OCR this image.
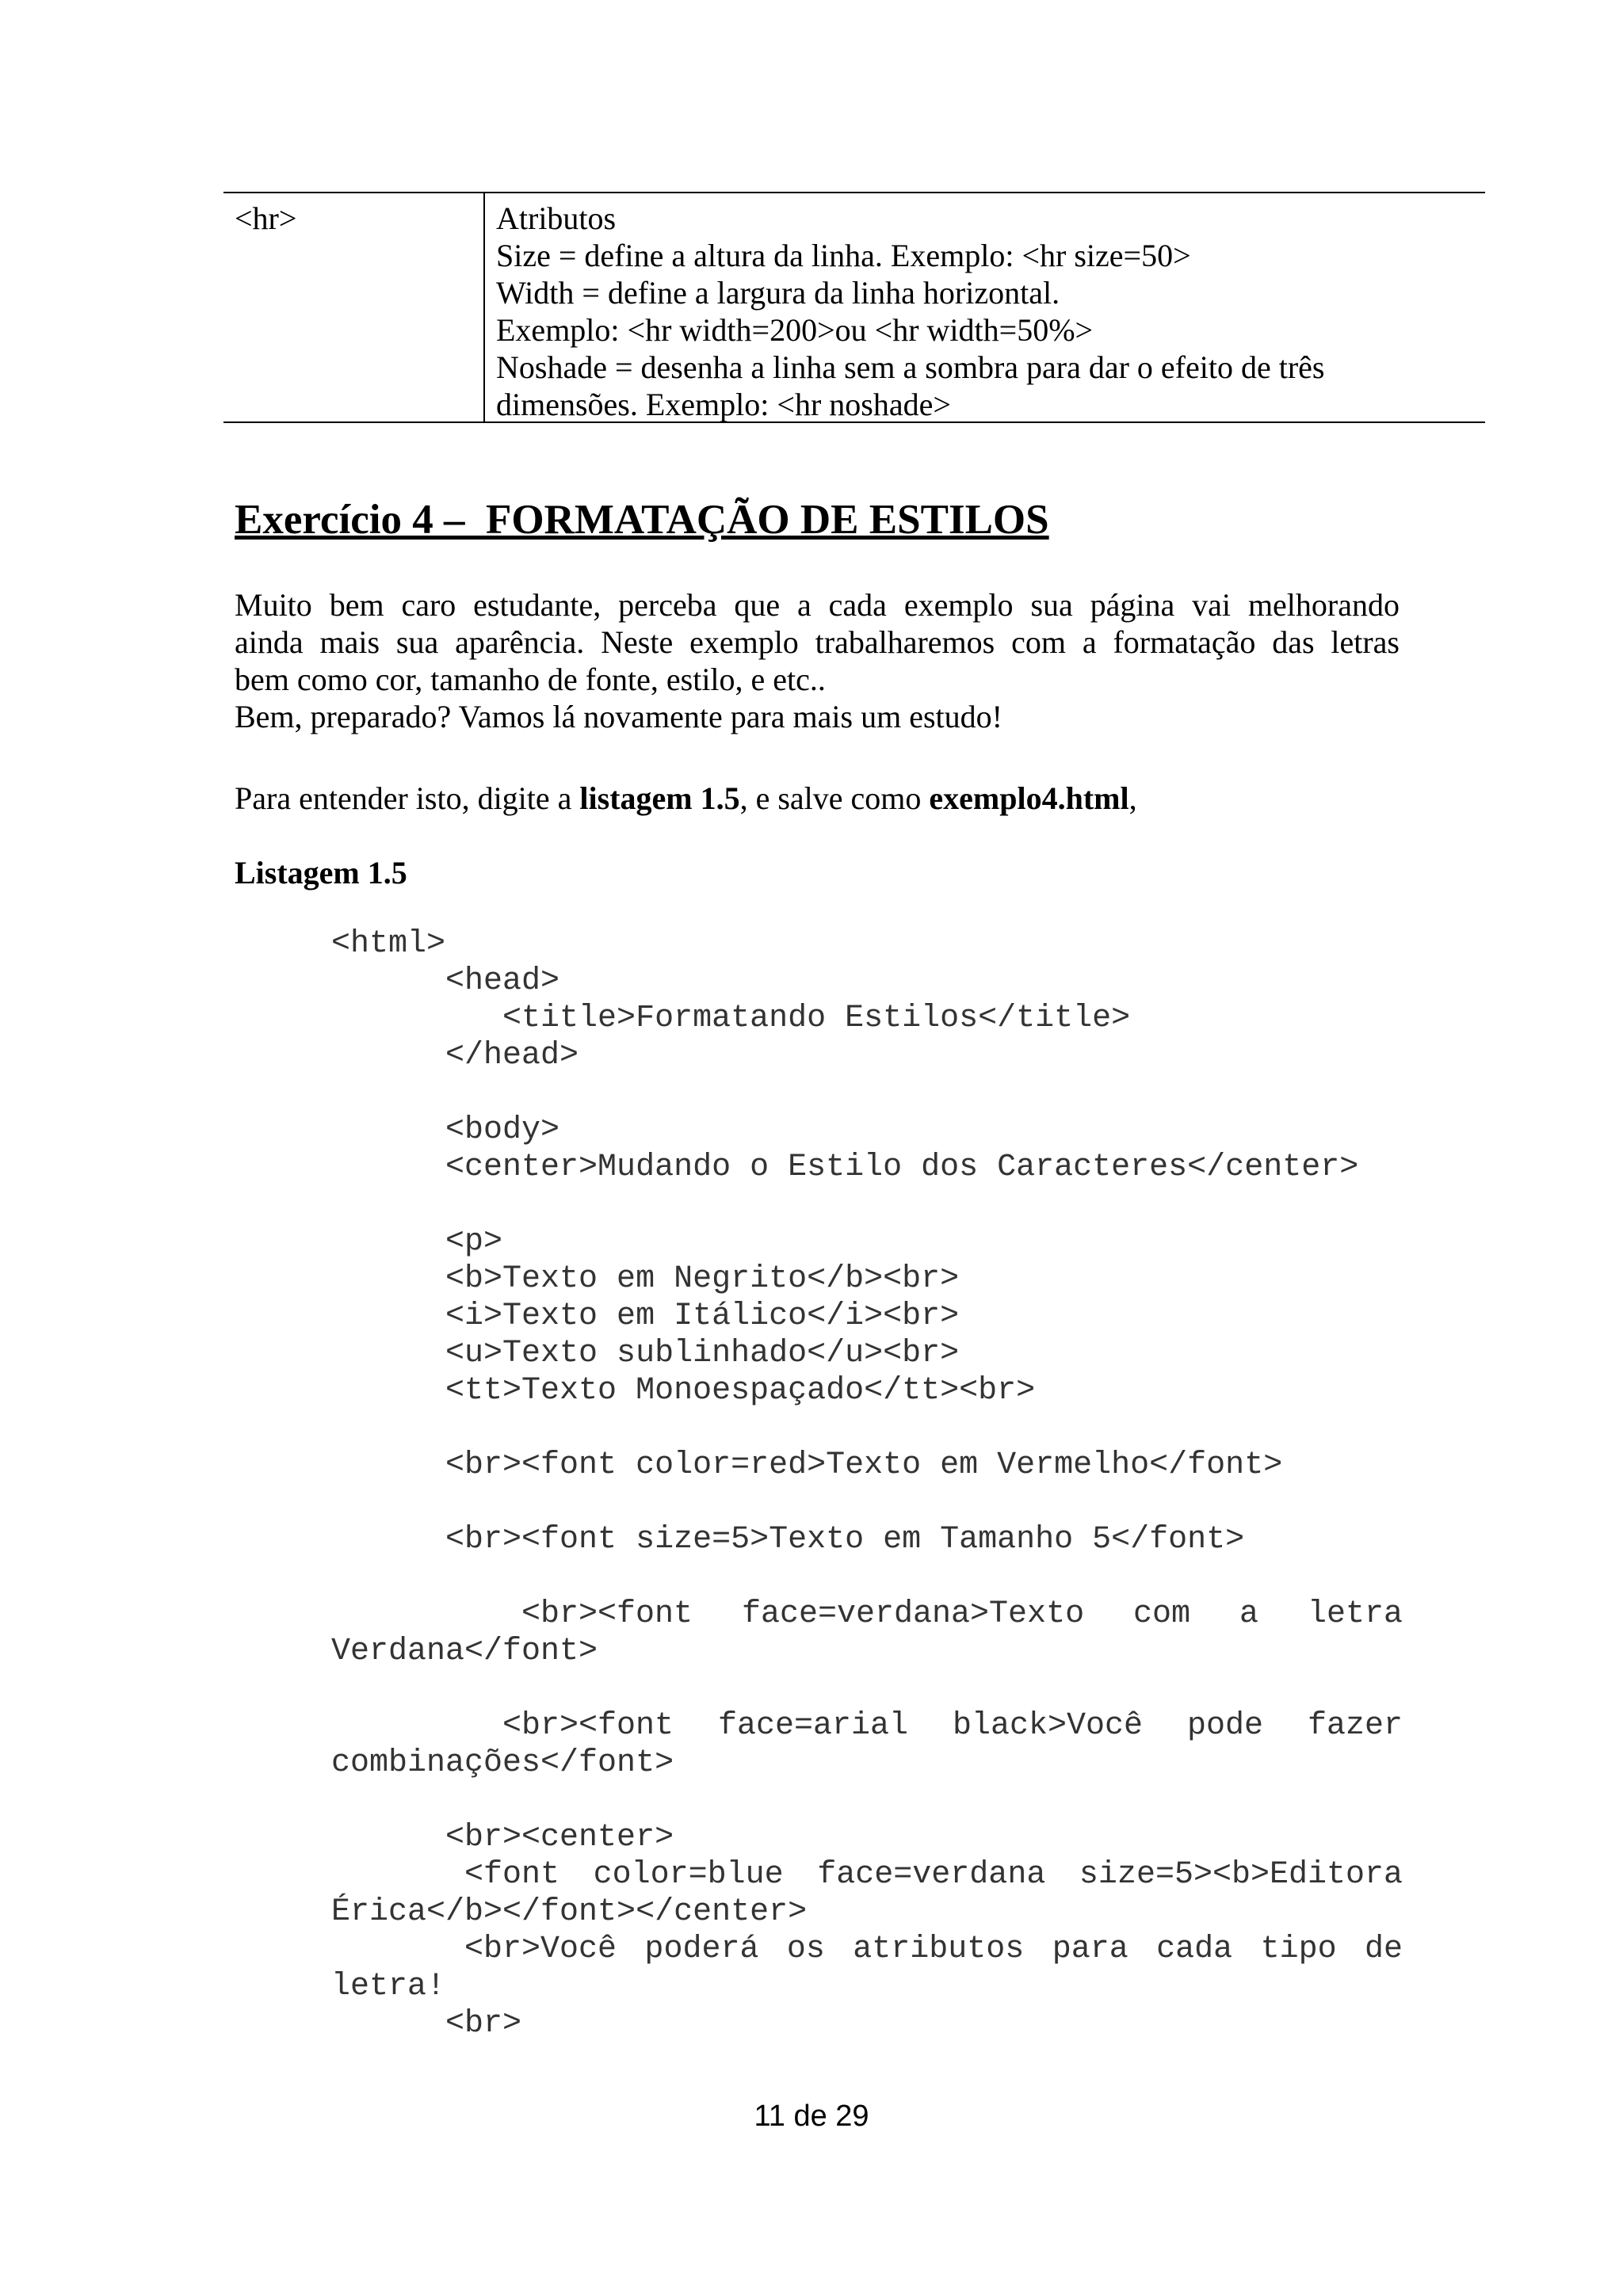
<hr>	Atributos
Size = define a altura da linha. Exemplo: <hr size=50>
Width = define a largura da linha horizontal.
Exemplo: <hr width=200>ou <hr width=50%>
Noshade = desenha a linha sem a sombra para dar o efeito de três
dimensões. Exemplo: <hr noshade>
Exercício 4 –  FORMATAÇÃO DE ESTILOS
Muito bem caro estudante, perceba que a cada exemplo sua página vai melhorando
ainda mais sua aparência. Neste exemplo trabalharemos com a formatação das letras
bem como cor, tamanho de fonte, estilo, e etc..
Bem, preparado? Vamos lá novamente para mais um estudo!
Para entender isto, digite a listagem 1.5, e salve como exemplo4.html,
Listagem 1.5
<html>
<head>
<title>Formatando Estilos</title>
</head>
<body>
<center>Mudando o Estilo dos Caracteres</center>
<p>
<b>Texto em Negrito</b><br>
<i>Texto em Itálico</i><br>
<u>Texto sublinhado</u><br>
<tt>Texto Monoespaçado</tt><br>
<br><font color=red>Texto em Vermelho</font>
<br><font size=5>Texto em Tamanho 5</font>
<br><font face=verdana>Texto com a letra
Verdana</font>
<br><font face=arial black>Você pode fazer
combinações</font>
<br><center>
<font color=blue face=verdana size=5><b>Editora
Érica</b></font></center>
<br>Você poderá os atributos para cada tipo de
letra!
<br>
11 de 29
